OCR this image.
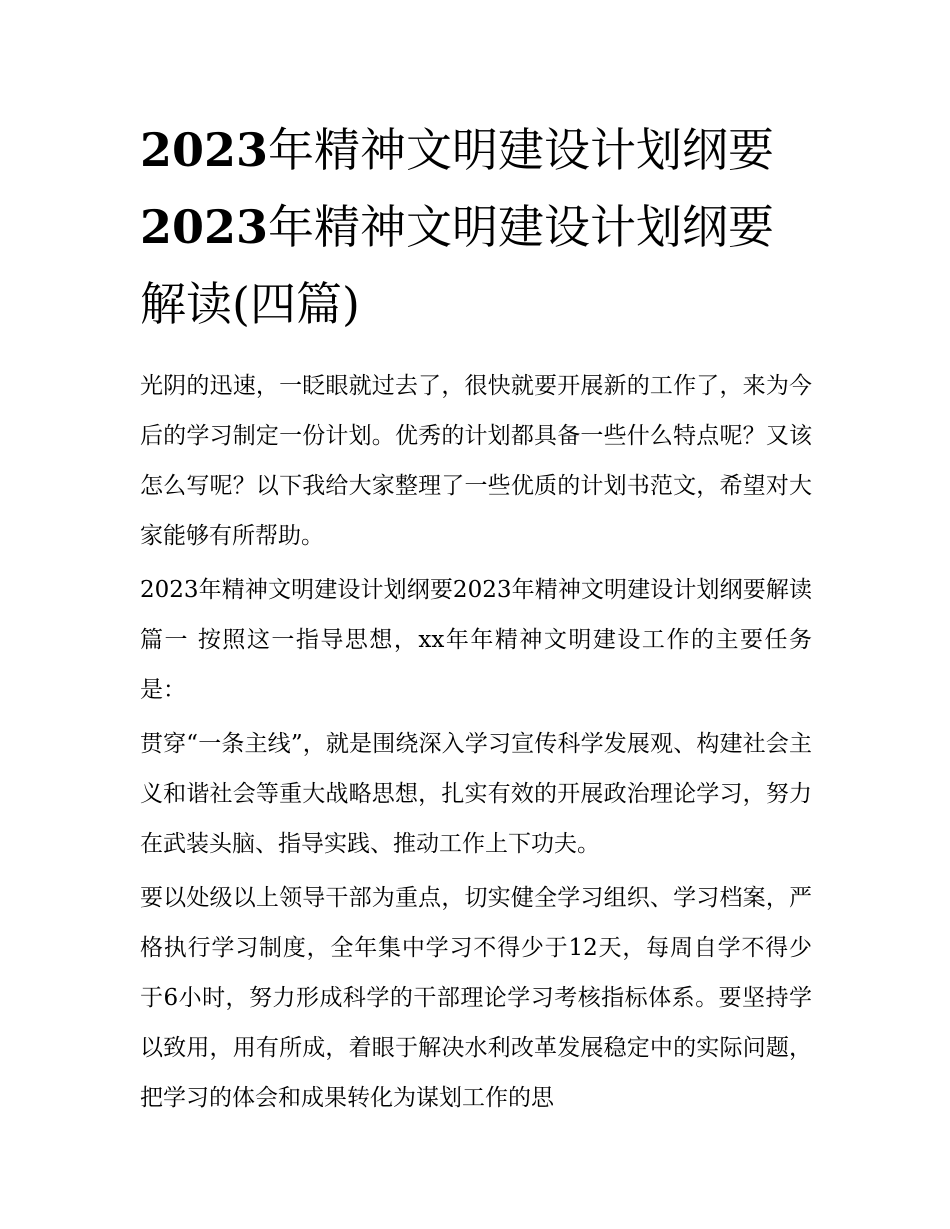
2023年精神文明建设计划纲要
2023年精神文明建设计划纲要
解读(四篇)

光阴的迅速，一眨眼就过去了，很快就要开展新的工作了，来为今后的学习制定一份计划。优秀的计划都具备一些什么特点呢？又该怎么写呢？以下我给大家整理了一些优质的计划书范文，希望对大家能够有所帮助。

2023年精神文明建设计划纲要2023年精神文明建设计划纲要解读篇一 按照这一指导思想，xx年年精神文明建设工作的主要任务是：

贯穿“一条主线”，就是围绕深入学习宣传科学发展观、构建社会主义和谐社会等重大战略思想，扎实有效的开展政治理论学习，努力在武装头脑、指导实践、推动工作上下功夫。

要以处级以上领导干部为重点，切实健全学习组织、学习档案，严格执行学习制度，全年集中学习不得少于12天，每周自学不得少于6小时，努力形成科学的干部理论学习考核指标体系。要坚持学以致用，用有所成，着眼于解决水利改革发展稳定中的实际问题，把学习的体会和成果转化为谋划工作的思
